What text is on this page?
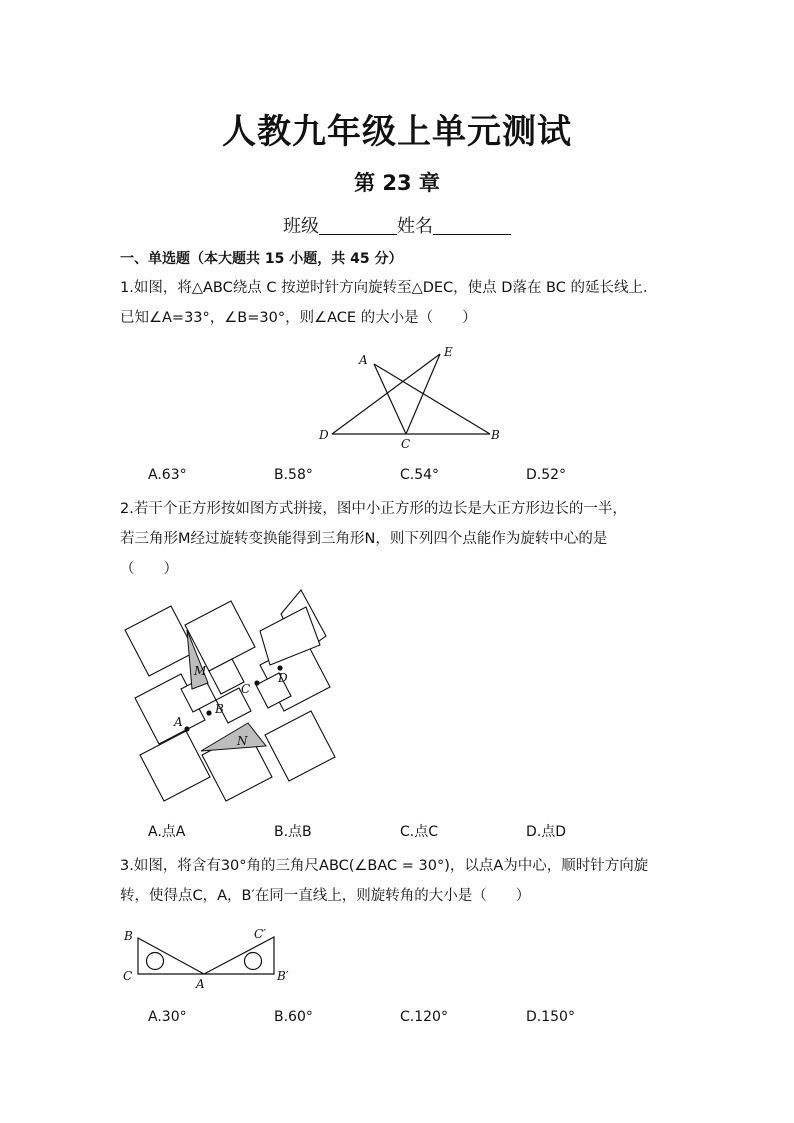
人教九年级上单元测试
第 23 章
班级	姓名
一、单选题（本大题共 15 小题，共 45 分）
1.如图，将△ABC绕点 C 按逆时针方向旋转至△DEC，使点 D落在 BC 的延长线上．
已知∠A=33°，∠B=30°，则∠ACE 的大小是（　　）
A
E
D
C
B
A.63°	B.58°	C.54°	D.52°
2.若干个正方形按如图方式拼接，图中小正方形的边长是大正方形边长的一半，
若三角形M经过旋转变换能得到三角形N，则下列四个点能作为旋转中心的是
（　　）
M
C
D
B
A
N
A.点A	B.点B	C.点C	D.点D
3.如图，将含有30°角的三角尺ABC(∠BAC = 30°)，以点A为中心，顺时针方向旋
转，使得点C，A，B′在同一直线上，则旋转角的大小是（　　）
B	C′
C
A
B′
A.30°	B.60°	C.120°	D.150°
